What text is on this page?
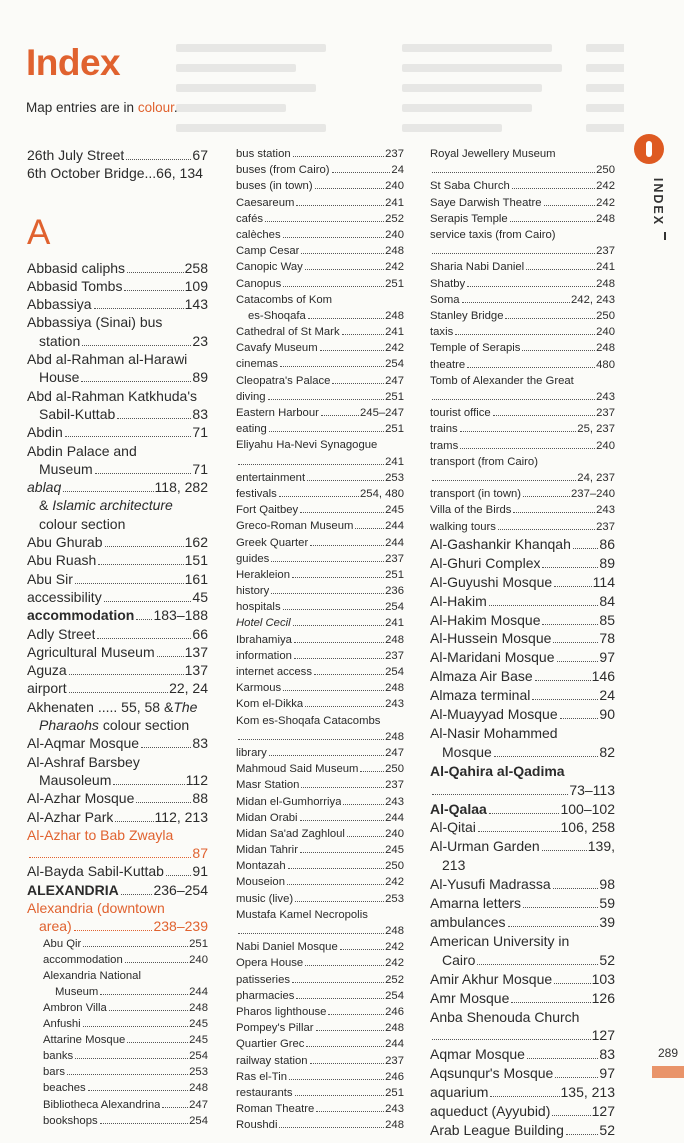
Index
Map entries are in colour.
26th July Street	67
6th October Bridge...66, 134
A
Abbasid caliphs	258
Abbasid Tombs	109
Abbassiya	143
Abbassiya (Sinai) bus
station	23
Abd al-Rahman al-Harawi
House	89
Abd al-Rahman Katkhuda's
Sabil-Kuttab	83
Abdin	71
Abdin Palace and
Museum	71
ablaq	118, 282
& Islamic architecture
colour section
Abu Ghurab	162
Abu Ruash	151
Abu Sir	161
accessibility	45
accommodation 183–188
Adly Street	66
Agricultural Museum 137
Aguza	137
airport	22, 24
Akhenaten ..... 55, 58 & The
Pharaohs colour section
Al-Aqmar Mosque	83
Al-Ashraf Barsbey
Mausoleum	112
Al-Azhar Mosque	88
Al-Azhar Park	112, 213
Al-Azhar to Bab Zwayla
87
Al-Bayda Sabil-Kuttab 91
ALEXANDRIA 236–254
Alexandria (downtown
area)	238–239
Abu Qir	251
accommodation	240
Alexandria National
Museum	244
Ambron Villa	248
Anfushi	245
Attarine Mosque	245
banks	254
bars	253
beaches	248
Bibliotheca Alexandrina	247
bookshops	254
bus station	237
buses (from Cairo)	24
buses (in town)	240
Caesareum	241
cafés	252
calèches	240
Camp Cesar	248
Canopic Way	242
Canopus	251
Catacombs of Kom
es-Shoqafa	248
Cathedral of St Mark	241
Cavafy Museum	242
cinemas	254
Cleopatra's Palace	247
diving	251
Eastern Harbour	245–247
eating	251
Eliyahu Ha-Nevi Synagogue
241
entertainment	253
festivals	254, 480
Fort Qaitbey	245
Greco-Roman Museum	244
Greek Quarter	244
guides	237
Herakleion	251
history	236
hospitals	254
Hotel Cecil	241
Ibrahamiya	248
information	237
internet access	254
Karmous	248
Kom el-Dikka	243
Kom es-Shoqafa Catacombs
248
library	247
Mahmoud Said Museum 250
Masr Station	237
Midan el-Gumhorriya	243
Midan Orabi	244
Midan Sa'ad Zaghloul	240
Midan Tahrir	245
Montazah	250
Mouseion	242
music (live)	253
Mustafa Kamel Necropolis
248
Nabi Daniel Mosque	242
Opera House	242
patisseries	252
pharmacies	254
Pharos lighthouse	246
Pompey's Pillar	248
Quartier Grec	244
railway station	237
Ras el-Tin	246
restaurants	251
Roman Theatre	243
Roushdi	248
Royal Jewellery Museum
250
St Saba Church	242
Saye Darwish Theatre	242
Serapis Temple	248
service taxis (from Cairo)
237
Sharia Nabi Daniel	241
Shatby	248
Soma	242, 243
Stanley Bridge	250
taxis	240
Temple of Serapis	248
theatre	480
Tomb of Alexander the Great
243
tourist office	237
trains	25, 237
trams	240
transport (from Cairo)
24, 237
transport (in town)	237–240
Villa of the Birds	243
walking tours	237
Al-Gashankir Khanqah 86
Al-Ghuri Complex	89
Al-Guyushi Mosque	114
Al-Hakim	84
Al-Hakim Mosque	85
Al-Hussein Mosque	78
Al-Maridani Mosque	97
Almaza Air Base	146
Almaza terminal	24
Al-Muayyad Mosque	90
Al-Nasir Mohammed
Mosque	82
Al-Qahira al-Qadima
73–113
Al-Qalaa	100–102
Al-Qitai	106, 258
Al-Urman Garden	139,
213
Al-Yusufi Madrassa	98
Amarna letters	59
ambulances	39
American University in
Cairo	52
Amir Akhur Mosque	103
Amr Mosque	126
Anba Shenouda Church
127
Aqmar Mosque	83
Aqsunqur's Mosque	97
aquarium	135, 213
aqueduct (Ayyubid)	127
Arab League Building	52
INDEX
289
